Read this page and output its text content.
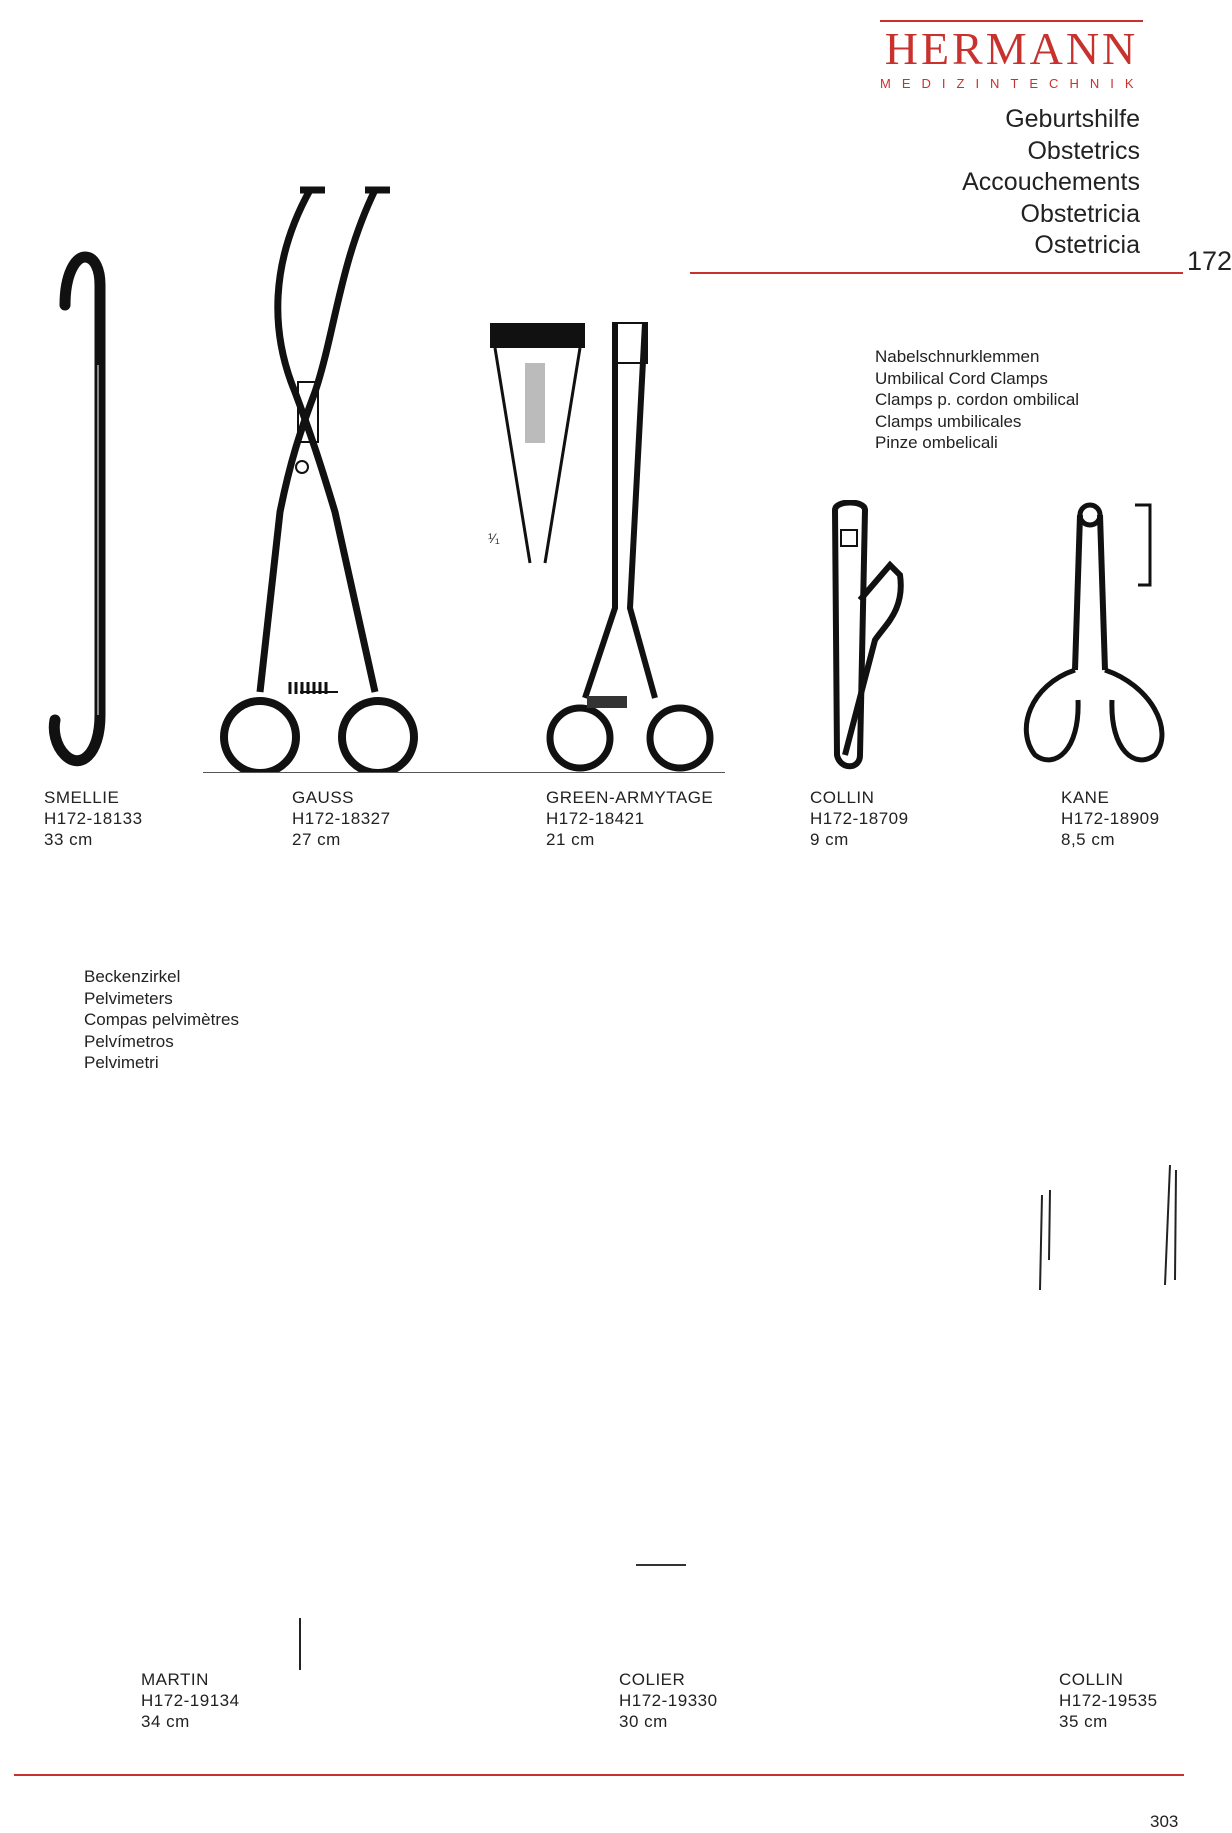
HERMANN
MEDIZINTECHNIK
Geburtshilfe
Obstetrics
Accouchements
Obstetricia
Ostetricia
172
Nabelschnurklemmen
Umbilical Cord Clamps
Clamps p. cordon ombilical
Clamps umbilicales
Pinze ombelicali
¹⁄₁
SMELLIE
H172-18133
33 cm
GAUSS
H172-18327
27 cm
GREEN-ARMYTAGE
H172-18421
21 cm
COLLIN
H172-18709
9 cm
KANE
H172-18909
8,5 cm
Beckenzirkel
Pelvimeters
Compas pelvimètres
Pelvímetros
Pelvimetri
MARTIN
H172-19134
34 cm
COLIER
H172-19330
30 cm
COLLIN
H172-19535
35 cm
303
